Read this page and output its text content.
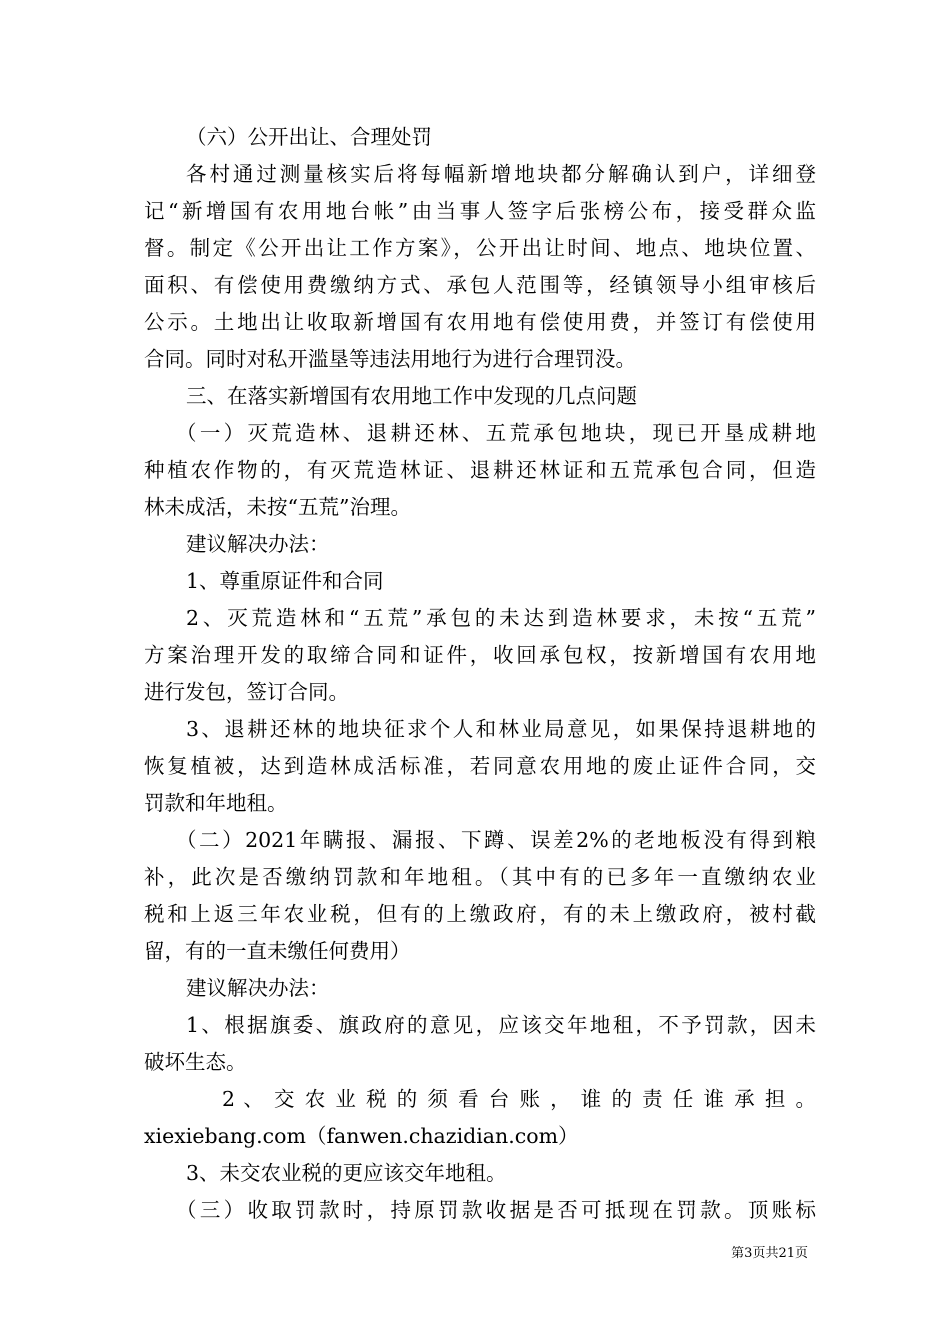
（六）公开出让、合理处罚
各村通过测量核实后将每幅新增地块都分解确认到户，详细登
记“新增国有农用地台帐”由当事人签字后张榜公布，接受群众监
督。制定《公开出让工作方案》，公开出让时间、地点、地块位置、
面积、有偿使用费缴纳方式、承包人范围等，经镇领导小组审核后
公示。土地出让收取新增国有农用地有偿使用费，并签订有偿使用
合同。同时对私开滥垦等违法用地行为进行合理罚没。
三、在落实新增国有农用地工作中发现的几点问题
（一）灭荒造林、退耕还林、五荒承包地块，现已开垦成耕地
种植农作物的，有灭荒造林证、退耕还林证和五荒承包合同，但造
林未成活，未按“五荒”治理。
建议解决办法：
1、尊重原证件和合同
2、灭荒造林和“五荒”承包的未达到造林要求，未按“五荒”
方案治理开发的取缔合同和证件，收回承包权，按新增国有农用地
进行发包，签订合同。
3、退耕还林的地块征求个人和林业局意见，如果保持退耕地的
恢复植被，达到造林成活标准，若同意农用地的废止证件合同，交
罚款和年地租。
（二）2021年瞒报、漏报、下蹲、误差2%的老地板没有得到粮
补，此次是否缴纳罚款和年地租。（其中有的已多年一直缴纳农业
税和上返三年农业税，但有的上缴政府，有的未上缴政府，被村截
留，有的一直未缴任何费用）
建议解决办法：
1、根据旗委、旗政府的意见，应该交年地租，不予罚款，因未
破坏生态。
2 、 交 农 业 税 的 须 看 台 账 ， 谁 的 责 任 谁 承 担 。
xiexiebang.com（fanwen.chazidian.com）
3、未交农业税的更应该交年地租。
（三）收取罚款时，持原罚款收据是否可抵现在罚款。顶账标
第3页共21页
